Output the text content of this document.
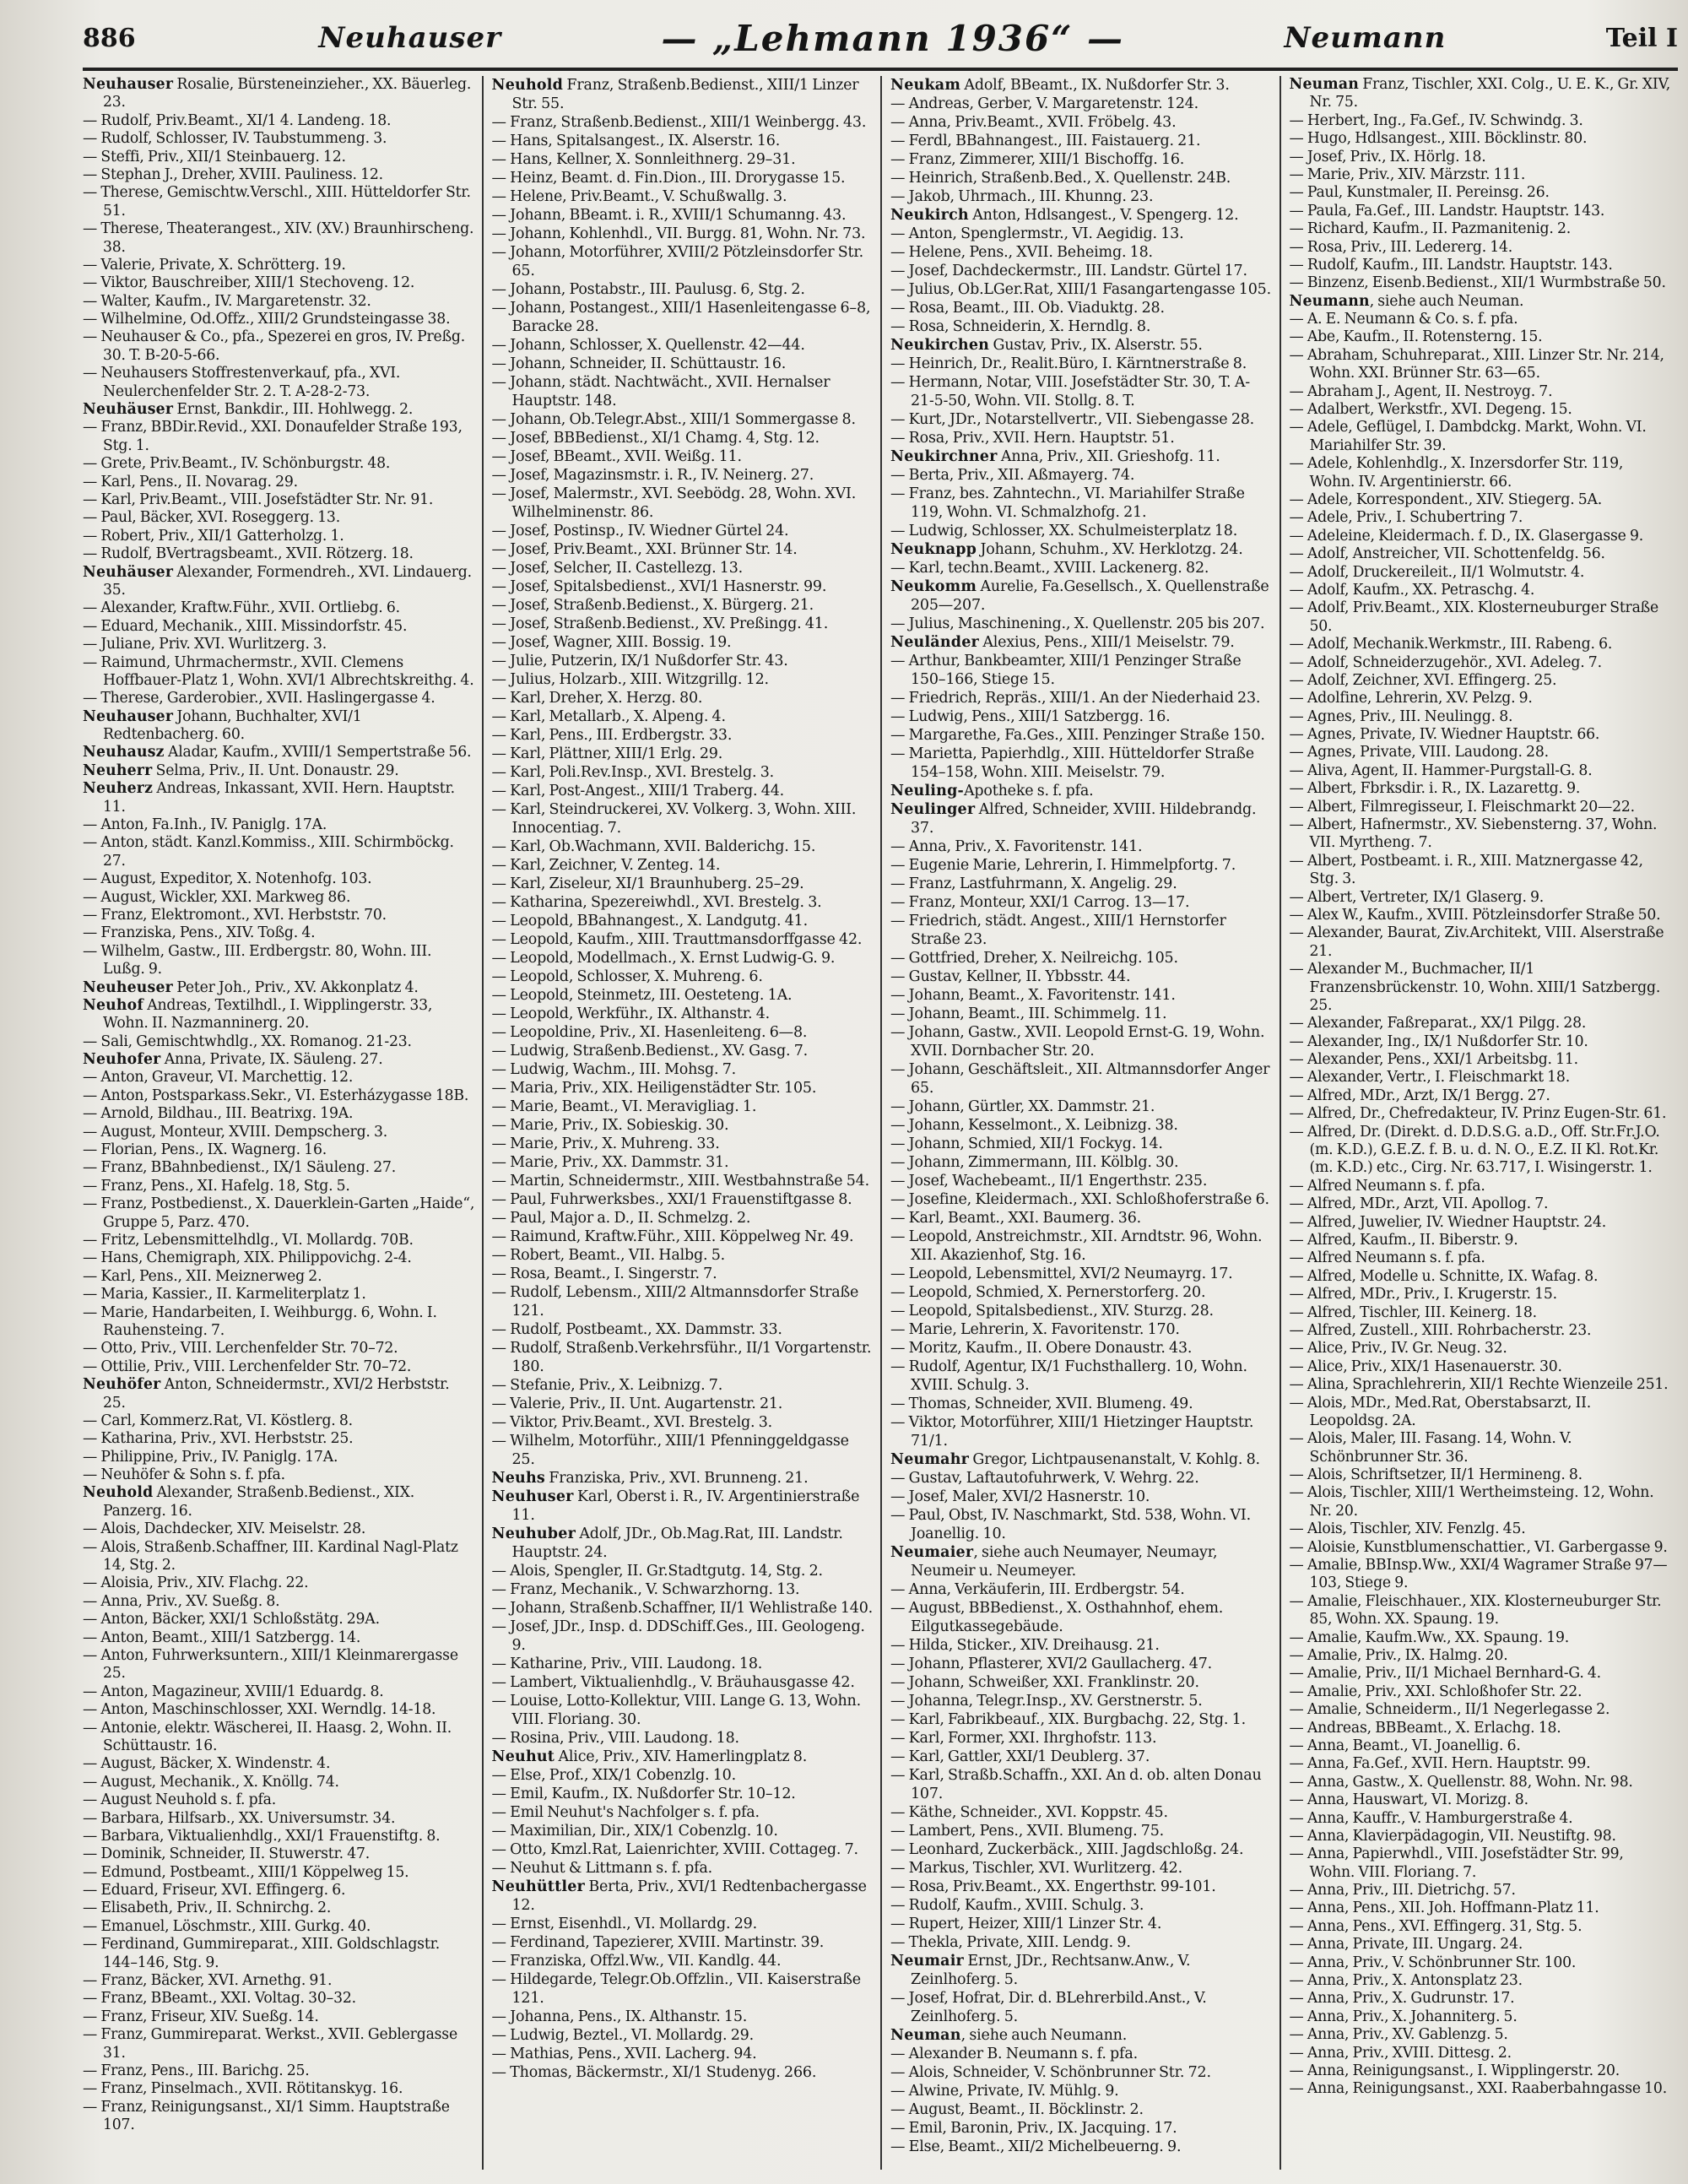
886	Neuhauser	— „Lehmann 1936“ —	Neumann	Teil I
Neuhauser Rosalie, Bürsteneinzieher., XX. Bäuerleg. 23.
— Rudolf, Priv.Beamt., XI/1 4. Landeng. 18.
— Rudolf, Schlosser, IV. Taubstummeng. 3.
— Steffi, Priv., XII/1 Steinbauerg. 12.
— Stephan J., Dreher, XVIII. Pauliness. 12.
— Therese, Gemischtw.Verschl., XIII. Hütteldorfer Str. 51.
— Therese, Theaterangest., XIV. (XV.) Braunhirscheng. 38.
— Valerie, Private, X. Schrötterg. 19.
— Viktor, Bauschreiber, XIII/1 Stechoveng. 12.
— Walter, Kaufm., IV. Margaretenstr. 32.
— Wilhelmine, Od.Offz., XIII/2 Grundsteingasse 38.
— Neuhauser & Co., pfa., Spezerei en gros, IV. Preßg. 30. T. B-20-5-66.
— Neuhausers Stoffrestenverkauf, pfa., XVI. Neulerchenfelder Str. 2. T. A-28-2-73.
Neuhäuser Ernst, Bankdir., III. Hohlwegg. 2.
— Franz, BBDir.Revid., XXI. Donaufelder Straße 193, Stg. 1.
— Grete, Priv.Beamt., IV. Schönburgstr. 48.
— Karl, Pens., II. Novarag. 29.
— Karl, Priv.Beamt., VIII. Josefstädter Str. Nr. 91.
— Paul, Bäcker, XVI. Roseggerg. 13.
— Robert, Priv., XII/1 Gatterholzg. 1.
— Rudolf, BVertragsbeamt., XVII. Rötzerg. 18.
Neuhäuser Alexander, Formendreh., XVI. Lindauerg. 35.
— Alexander, Kraftw.Führ., XVII. Ortliebg. 6.
— Eduard, Mechanik., XIII. Missindorfstr. 45.
— Juliane, Priv. XVI. Wurlitzerg. 3.
— Raimund, Uhrmachermstr., XVII. Clemens Hoffbauer-Platz 1, Wohn. XVI/1 Albrechtskreithg. 4.
— Therese, Garderobier., XVII. Haslingergasse 4.
Neuhauser Johann, Buchhalter, XVI/1 Redtenbacherg. 60.
Neuhausz Aladar, Kaufm., XVIII/1 Sempertstraße 56.
Neuherr Selma, Priv., II. Unt. Donaustr. 29.
Neuherz Andreas, Inkassant, XVII. Hern. Hauptstr. 11.
— Anton, Fa.Inh., IV. Paniglg. 17A.
— Anton, städt. Kanzl.Kommiss., XIII. Schirmböckg. 27.
— August, Expeditor, X. Notenhofg. 103.
— August, Wickler, XXI. Markweg 86.
— Franz, Elektromont., XVI. Herbststr. 70.
— Franziska, Pens., XIV. Toßg. 4.
— Wilhelm, Gastw., III. Erdbergstr. 80, Wohn. III. Lußg. 9.
Neuheuser Peter Joh., Priv., XV. Akkonplatz 4.
Neuhof Andreas, Textilhdl., I. Wipplingerstr. 33, Wohn. II. Nazmanninerg. 20.
— Sali, Gemischtwhdlg., XX. Romanog. 21-23.
Neuhofer Anna, Private, IX. Säuleng. 27.
— Anton, Graveur, VI. Marchettig. 12.
— Anton, Postsparkass.Sekr., VI. Esterházygasse 18B.
— Arnold, Bildhau., III. Beatrixg. 19A.
— August, Monteur, XVIII. Dempscherg. 3.
— Florian, Pens., IX. Wagnerg. 16.
— Franz, BBahnbedienst., IX/1 Säuleng. 27.
— Franz, Pens., XI. Hafelg. 18, Stg. 5.
— Franz, Postbedienst., X. Dauerklein-Garten „Haide“, Gruppe 5, Parz. 470.
— Fritz, Lebensmittelhdlg., VI. Mollardg. 70B.
— Hans, Chemigraph, XIX. Philippovichg. 2-4.
— Karl, Pens., XII. Meiznerweg 2.
— Maria, Kassier., II. Karmeliterplatz 1.
— Marie, Handarbeiten, I. Weihburgg. 6, Wohn. I. Rauhensteing. 7.
— Otto, Priv., VIII. Lerchenfelder Str. 70–72.
— Ottilie, Priv., VIII. Lerchenfelder Str. 70–72.
Neuhöfer Anton, Schneidermstr., XVI/2 Herbststr. 25.
— Carl, Kommerz.Rat, VI. Köstlerg. 8.
— Katharina, Priv., XVI. Herbststr. 25.
— Philippine, Priv., IV. Paniglg. 17A.
— Neuhöfer & Sohn s. f. pfa.
Neuhold Alexander, Straßenb.Bedienst., XIX. Panzerg. 16.
— Alois, Dachdecker, XIV. Meiselstr. 28.
— Alois, Straßenb.Schaffner, III. Kardinal Nagl-Platz 14, Stg. 2.
— Aloisia, Priv., XIV. Flachg. 22.
— Anna, Priv., XV. Sueßg. 8.
— Anton, Bäcker, XXI/1 Schloßstätg. 29A.
— Anton, Beamt., XIII/1 Satzbergg. 14.
— Anton, Fuhrwerksuntern., XIII/1 Kleinmarergasse 25.
— Anton, Magazineur, XVIII/1 Eduardg. 8.
— Anton, Maschinschlosser, XXI. Werndlg. 14-18.
— Antonie, elektr. Wäscherei, II. Haasg. 2, Wohn. II. Schüttaustr. 16.
— August, Bäcker, X. Windenstr. 4.
— August, Mechanik., X. Knöllg. 74.
— August Neuhold s. f. pfa.
— Barbara, Hilfsarb., XX. Universumstr. 34.
— Barbara, Viktualienhdlg., XXI/1 Frauenstiftg. 8.
— Dominik, Schneider, II. Stuwerstr. 47.
— Edmund, Postbeamt., XIII/1 Köppelweg 15.
— Eduard, Friseur, XVI. Effingerg. 6.
— Elisabeth, Priv., II. Schnirchg. 2.
— Emanuel, Löschmstr., XIII. Gurkg. 40.
— Ferdinand, Gummireparat., XIII. Goldschlagstr. 144–146, Stg. 9.
— Franz, Bäcker, XVI. Arnethg. 91.
— Franz, BBeamt., XXI. Voltag. 30–32.
— Franz, Friseur, XIV. Sueßg. 14.
— Franz, Gummireparat. Werkst., XVII. Geblergasse 31.
— Franz, Pens., III. Barichg. 25.
— Franz, Pinselmach., XVII. Rötitanskyg. 16.
— Franz, Reinigungsanst., XI/1 Simm. Hauptstraße 107.
Neuhold Franz, Straßenb.Bedienst., XIII/1 Linzer Str. 55.
— Franz, Straßenb.Bedienst., XIII/1 Weinbergg. 43.
— Hans, Spitalsangest., IX. Alserstr. 16.
— Hans, Kellner, X. Sonnleithnerg. 29–31.
— Heinz, Beamt. d. Fin.Dion., III. Drorygasse 15.
— Helene, Priv.Beamt., V. Schußwallg. 3.
— Johann, BBeamt. i. R., XVIII/1 Schumanng. 43.
— Johann, Kohlenhdl., VII. Burgg. 81, Wohn. Nr. 73.
— Johann, Motorführer, XVIII/2 Pötzleinsdorfer Str. 65.
— Johann, Postabstr., III. Paulusg. 6, Stg. 2.
— Johann, Postangest., XIII/1 Hasenleitengasse 6–8, Baracke 28.
— Johann, Schlosser, X. Quellenstr. 42—44.
— Johann, Schneider, II. Schüttaustr. 16.
— Johann, städt. Nachtwächt., XVII. Hernalser Hauptstr. 148.
— Johann, Ob.Telegr.Abst., XIII/1 Sommergasse 8.
— Josef, BBBedienst., XI/1 Chamg. 4, Stg. 12.
— Josef, BBeamt., XVII. Weißg. 11.
— Josef, Magazinsmstr. i. R., IV. Neinerg. 27.
— Josef, Malermstr., XVI. Seebödg. 28, Wohn. XVI. Wilhelminenstr. 86.
— Josef, Postinsp., IV. Wiedner Gürtel 24.
— Josef, Priv.Beamt., XXI. Brünner Str. 14.
— Josef, Selcher, II. Castellezg. 13.
— Josef, Spitalsbedienst., XVI/1 Hasnerstr. 99.
— Josef, Straßenb.Bedienst., X. Bürgerg. 21.
— Josef, Straßenb.Bedienst., XV. Preßingg. 41.
— Josef, Wagner, XIII. Bossig. 19.
— Julie, Putzerin, IX/1 Nußdorfer Str. 43.
— Julius, Holzarb., XIII. Witzgrillg. 12.
— Karl, Dreher, X. Herzg. 80.
— Karl, Metallarb., X. Alpeng. 4.
— Karl, Pens., III. Erdbergstr. 33.
— Karl, Plättner, XIII/1 Erlg. 29.
— Karl, Poli.Rev.Insp., XVI. Brestelg. 3.
— Karl, Post-Angest., XIII/1 Traberg. 44.
— Karl, Steindruckerei, XV. Volkerg. 3, Wohn. XIII. Innocentiag. 7.
— Karl, Ob.Wachmann, XVII. Balderichg. 15.
— Karl, Zeichner, V. Zenteg. 14.
— Karl, Ziseleur, XI/1 Braunhuberg. 25–29.
— Katharina, Spezereiwhdl., XVI. Brestelg. 3.
— Leopold, BBahnangest., X. Landgutg. 41.
— Leopold, Kaufm., XIII. Trauttmansdorffgasse 42.
— Leopold, Modellmach., X. Ernst Ludwig-G. 9.
— Leopold, Schlosser, X. Muhreng. 6.
— Leopold, Steinmetz, III. Oesteteng. 1A.
— Leopold, Werkführ., IX. Althanstr. 4.
— Leopoldine, Priv., XI. Hasenleiteng. 6—8.
— Ludwig, Straßenb.Bedienst., XV. Gasg. 7.
— Ludwig, Wachm., III. Mohsg. 7.
— Maria, Priv., XIX. Heiligenstädter Str. 105.
— Marie, Beamt., VI. Meravigliag. 1.
— Marie, Priv., IX. Sobieskig. 30.
— Marie, Priv., X. Muhreng. 33.
— Marie, Priv., XX. Dammstr. 31.
— Martin, Schneidermstr., XIII. Westbahnstraße 54.
— Paul, Fuhrwerksbes., XXI/1 Frauenstiftgasse 8.
— Paul, Major a. D., II. Schmelzg. 2.
— Raimund, Kraftw.Führ., XIII. Köppelweg Nr. 49.
— Robert, Beamt., VII. Halbg. 5.
— Rosa, Beamt., I. Singerstr. 7.
— Rudolf, Lebensm., XIII/2 Altmannsdorfer Straße 121.
— Rudolf, Postbeamt., XX. Dammstr. 33.
— Rudolf, Straßenb.Verkehrsführ., II/1 Vorgartenstr. 180.
— Stefanie, Priv., X. Leibnizg. 7.
— Valerie, Priv., II. Unt. Augartenstr. 21.
— Viktor, Priv.Beamt., XVI. Brestelg. 3.
— Wilhelm, Motorführ., XIII/1 Pfenninggeldgasse 25.
Neuhs Franziska, Priv., XVI. Brunneng. 21.
Neuhuser Karl, Oberst i. R., IV. Argentinierstraße 11.
Neuhuber Adolf, JDr., Ob.Mag.Rat, III. Landstr. Hauptstr. 24.
— Alois, Spengler, II. Gr.Stadtgutg. 14, Stg. 2.
— Franz, Mechanik., V. Schwarzhorng. 13.
— Johann, Straßenb.Schaffner, II/1 Wehlistraße 140.
— Josef, JDr., Insp. d. DDSchiff.Ges., III. Geologeng. 9.
— Katharine, Priv., VIII. Laudong. 18.
— Lambert, Viktualienhdlg., V. Bräuhausgasse 42.
— Louise, Lotto-Kollektur, VIII. Lange G. 13, Wohn. VIII. Floriang. 30.
— Rosina, Priv., VIII. Laudong. 18.
Neuhut Alice, Priv., XIV. Hamerlingplatz 8.
— Else, Prof., XIX/1 Cobenzlg. 10.
— Emil, Kaufm., IX. Nußdorfer Str. 10–12.
— Emil Neuhut's Nachfolger s. f. pfa.
— Maximilian, Dir., XIX/1 Cobenzlg. 10.
— Otto, Kmzl.Rat, Laienrichter, XVIII. Cottageg. 7.
— Neuhut & Littmann s. f. pfa.
Neuhüttler Berta, Priv., XVI/1 Redtenbachergasse 12.
— Ernst, Eisenhdl., VI. Mollardg. 29.
— Ferdinand, Tapezierer, XVIII. Martinstr. 39.
— Franziska, Offzl.Ww., VII. Kandlg. 44.
— Hildegarde, Telegr.Ob.Offzlin., VII. Kaiserstraße 121.
— Johanna, Pens., IX. Althanstr. 15.
— Ludwig, Beztel., VI. Mollardg. 29.
— Mathias, Pens., XVII. Lacherg. 94.
— Thomas, Bäckermstr., XI/1 Studenyg. 266.
Neukam Adolf, BBeamt., IX. Nußdorfer Str. 3.
— Andreas, Gerber, V. Margaretenstr. 124.
— Anna, Priv.Beamt., XVII. Fröbelg. 43.
— Ferdl, BBahnangest., III. Faistauerg. 21.
— Franz, Zimmerer, XIII/1 Bischoffg. 16.
— Heinrich, Straßenb.Bed., X. Quellenstr. 24B.
— Jakob, Uhrmach., III. Khunng. 23.
Neukirch Anton, Hdlsangest., V. Spengerg. 12.
— Anton, Spenglermstr., VI. Aegidig. 13.
— Helene, Pens., XVII. Beheimg. 18.
— Josef, Dachdeckermstr., III. Landstr. Gürtel 17.
— Julius, Ob.LGer.Rat, XIII/1 Fasangartengasse 105.
— Rosa, Beamt., III. Ob. Viaduktg. 28.
— Rosa, Schneiderin, X. Herndlg. 8.
Neukirchen Gustav, Priv., IX. Alserstr. 55.
— Heinrich, Dr., Realit.Büro, I. Kärntnerstraße 8.
— Hermann, Notar, VIII. Josefstädter Str. 30, T. A-21-5-50, Wohn. VII. Stollg. 8. T.
— Kurt, JDr., Notarstellvertr., VII. Siebengasse 28.
— Rosa, Priv., XVII. Hern. Hauptstr. 51.
Neukirchner Anna, Priv., XII. Grieshofg. 11.
— Berta, Priv., XII. Aßmayerg. 74.
— Franz, bes. Zahntechn., VI. Mariahilfer Straße 119, Wohn. VI. Schmalzhofg. 21.
— Ludwig, Schlosser, XX. Schulmeisterplatz 18.
Neuknapp Johann, Schuhm., XV. Herklotzg. 24.
— Karl, techn.Beamt., XVIII. Lackenerg. 82.
Neukomm Aurelie, Fa.Gesellsch., X. Quellenstraße 205—207.
— Julius, Maschinening., X. Quellenstr. 205 bis 207.
Neuländer Alexius, Pens., XIII/1 Meiselstr. 79.
— Arthur, Bankbeamter, XIII/1 Penzinger Straße 150–166, Stiege 15.
— Friedrich, Repräs., XIII/1. An der Niederhaid 23.
— Ludwig, Pens., XIII/1 Satzbergg. 16.
— Margarethe, Fa.Ges., XIII. Penzinger Straße 150.
— Marietta, Papierhdlg., XIII. Hütteldorfer Straße 154–158, Wohn. XIII. Meiselstr. 79.
Neuling-Apotheke s. f. pfa.
Neulinger Alfred, Schneider, XVIII. Hildebrandg. 37.
— Anna, Priv., X. Favoritenstr. 141.
— Eugenie Marie, Lehrerin, I. Himmelpfortg. 7.
— Franz, Lastfuhrmann, X. Angelig. 29.
— Franz, Monteur, XXI/1 Carrog. 13—17.
— Friedrich, städt. Angest., XIII/1 Hernstorfer Straße 23.
— Gottfried, Dreher, X. Neilreichg. 105.
— Gustav, Kellner, II. Ybbsstr. 44.
— Johann, Beamt., X. Favoritenstr. 141.
— Johann, Beamt., III. Schimmelg. 11.
— Johann, Gastw., XVII. Leopold Ernst-G. 19, Wohn. XVII. Dornbacher Str. 20.
— Johann, Geschäftsleit., XII. Altmannsdorfer Anger 65.
— Johann, Gürtler, XX. Dammstr. 21.
— Johann, Kesselmont., X. Leibnizg. 38.
— Johann, Schmied, XII/1 Fockyg. 14.
— Johann, Zimmermann, III. Kölblg. 30.
— Josef, Wachebeamt., II/1 Engerthstr. 235.
— Josefine, Kleidermach., XXI. Schloßhoferstraße 6.
— Karl, Beamt., XXI. Baumerg. 36.
— Leopold, Anstreichmstr., XII. Arndtstr. 96, Wohn. XII. Akazienhof, Stg. 16.
— Leopold, Lebensmittel, XVI/2 Neumayrg. 17.
— Leopold, Schmied, X. Pernerstorferg. 20.
— Leopold, Spitalsbedienst., XIV. Sturzg. 28.
— Marie, Lehrerin, X. Favoritenstr. 170.
— Moritz, Kaufm., II. Obere Donaustr. 43.
— Rudolf, Agentur, IX/1 Fuchsthallerg. 10, Wohn. XVIII. Schulg. 3.
— Thomas, Schneider, XVII. Blumeng. 49.
— Viktor, Motorführer, XIII/1 Hietzinger Hauptstr. 71/1.
Neumahr Gregor, Lichtpausenanstalt, V. Kohlg. 8.
— Gustav, Laftautofuhrwerk, V. Wehrg. 22.
— Josef, Maler, XVI/2 Hasnerstr. 10.
— Paul, Obst, IV. Naschmarkt, Std. 538, Wohn. VI. Joanellig. 10.
Neumaier, siehe auch Neumayer, Neumayr, Neumeir u. Neumeyer.
— Anna, Verkäuferin, III. Erdbergstr. 54.
— August, BBBedienst., X. Osthahnhof, ehem. Eilgutkassegebäude.
— Hilda, Sticker., XIV. Dreihausg. 21.
— Johann, Pflasterer, XVI/2 Gaullacherg. 47.
— Johann, Schweißer, XXI. Franklinstr. 20.
— Johanna, Telegr.Insp., XV. Gerstnerstr. 5.
— Karl, Fabrikbeauf., XIX. Burgbachg. 22, Stg. 1.
— Karl, Former, XXI. Ihrghofstr. 113.
— Karl, Gattler, XXI/1 Deublerg. 37.
— Karl, Straßb.Schaffn., XXI. An d. ob. alten Donau 107.
— Käthe, Schneider., XVI. Koppstr. 45.
— Lambert, Pens., XVII. Blumeng. 75.
— Leonhard, Zuckerbäck., XIII. Jagdschloßg. 24.
— Markus, Tischler, XVI. Wurlitzerg. 42.
— Rosa, Priv.Beamt., XX. Engerthstr. 99-101.
— Rudolf, Kaufm., XVIII. Schulg. 3.
— Rupert, Heizer, XIII/1 Linzer Str. 4.
— Thekla, Private, XIII. Lendg. 9.
Neumair Ernst, JDr., Rechtsanw.Anw., V. Zeinlhoferg. 5.
— Josef, Hofrat, Dir. d. BLehrerbild.Anst., V. Zeinlhoferg. 5.
Neuman, siehe auch Neumann.
— Alexander B. Neumann s. f. pfa.
— Alois, Schneider, V. Schönbrunner Str. 72.
— Alwine, Private, IV. Mühlg. 9.
— August, Beamt., II. Böcklinstr. 2.
— Emil, Baronin, Priv., IX. Jacquing. 17.
— Else, Beamt., XII/2 Michelbeuerng. 9.
Neuman Franz, Tischler, XXI. Colg., U. E. K., Gr. XIV, Nr. 75.
— Herbert, Ing., Fa.Gef., IV. Schwindg. 3.
— Hugo, Hdlsangest., XIII. Böcklinstr. 80.
— Josef, Priv., IX. Hörlg. 18.
— Marie, Priv., XIV. Märzstr. 111.
— Paul, Kunstmaler, II. Pereinsg. 26.
— Paula, Fa.Gef., III. Landstr. Hauptstr. 143.
— Richard, Kaufm., II. Pazmanitenig. 2.
— Rosa, Priv., III. Ledererg. 14.
— Rudolf, Kaufm., III. Landstr. Hauptstr. 143.
— Binzenz, Eisenb.Bedienst., XII/1 Wurmbstraße 50.
Neumann, siehe auch Neuman.
— A. E. Neumann & Co. s. f. pfa.
— Abe, Kaufm., II. Rotensterng. 15.
— Abraham, Schuhreparat., XIII. Linzer Str. Nr. 214, Wohn. XXI. Brünner Str. 63—65.
— Abraham J., Agent, II. Nestroyg. 7.
— Adalbert, Werkstfr., XVI. Degeng. 15.
— Adele, Geflügel, I. Dambdckg. Markt, Wohn. VI. Mariahilfer Str. 39.
— Adele, Kohlenhdlg., X. Inzersdorfer Str. 119, Wohn. IV. Argentinierstr. 66.
— Adele, Korrespondent., XIV. Stiegerg. 5A.
— Adele, Priv., I. Schubertring 7.
— Adeleine, Kleidermach. f. D., IX. Glasergasse 9.
— Adolf, Anstreicher, VII. Schottenfeldg. 56.
— Adolf, Druckereileit., II/1 Wolmutstr. 4.
— Adolf, Kaufm., XX. Petraschg. 4.
— Adolf, Priv.Beamt., XIX. Klosterneuburger Straße 50.
— Adolf, Mechanik.Werkmstr., III. Rabeng. 6.
— Adolf, Schneiderzugehör., XVI. Adeleg. 7.
— Adolf, Zeichner, XVI. Effingerg. 25.
— Adolfine, Lehrerin, XV. Pelzg. 9.
— Agnes, Priv., III. Neulingg. 8.
— Agnes, Private, IV. Wiedner Hauptstr. 66.
— Agnes, Private, VIII. Laudong. 28.
— Aliva, Agent, II. Hammer-Purgstall-G. 8.
— Albert, Fbrksdir. i. R., IX. Lazarettg. 9.
— Albert, Filmregisseur, I. Fleischmarkt 20—22.
— Albert, Hafnermstr., XV. Siebensterng. 37, Wohn. VII. Myrtheng. 7.
— Albert, Postbeamt. i. R., XIII. Matznergasse 42, Stg. 3.
— Albert, Vertreter, IX/1 Glaserg. 9.
— Alex W., Kaufm., XVIII. Pötzleinsdorfer Straße 50.
— Alexander, Baurat, Ziv.Architekt, VIII. Alserstraße 21.
— Alexander M., Buchmacher, II/1 Franzensbrückenstr. 10, Wohn. XIII/1 Satzbergg. 25.
— Alexander, Faßreparat., XX/1 Pilgg. 28.
— Alexander, Ing., IX/1 Nußdorfer Str. 10.
— Alexander, Pens., XXI/1 Arbeitsbg. 11.
— Alexander, Vertr., I. Fleischmarkt 18.
— Alfred, MDr., Arzt, IX/1 Bergg. 27.
— Alfred, Dr., Chefredakteur, IV. Prinz Eugen-Str. 61.
— Alfred, Dr. (Direkt. d. D.D.S.G. a.D., Off. Str.Fr.J.O. (m. K.D.), G.E.Z. f. B. u. d. N. O., E.Z. II Kl. Rot.Kr. (m. K.D.) etc., Cirg. Nr. 63.717, I. Wisingerstr. 1.
— Alfred Neumann s. f. pfa.
— Alfred, MDr., Arzt, VII. Apollog. 7.
— Alfred, Juwelier, IV. Wiedner Hauptstr. 24.
— Alfred, Kaufm., II. Biberstr. 9.
— Alfred Neumann s. f. pfa.
— Alfred, Modelle u. Schnitte, IX. Wafag. 8.
— Alfred, MDr., Priv., I. Krugerstr. 15.
— Alfred, Tischler, III. Keinerg. 18.
— Alfred, Zustell., XIII. Rohrbacherstr. 23.
— Alice, Priv., IV. Gr. Neug. 32.
— Alice, Priv., XIX/1 Hasenauerstr. 30.
— Alina, Sprachlehrerin, XII/1 Rechte Wienzeile 251.
— Alois, MDr., Med.Rat, Oberstabsarzt, II. Leopoldsg. 2A.
— Alois, Maler, III. Fasang. 14, Wohn. V. Schönbrunner Str. 36.
— Alois, Schriftsetzer, II/1 Hermineng. 8.
— Alois, Tischler, XIII/1 Wertheimsteing. 12, Wohn. Nr. 20.
— Alois, Tischler, XIV. Fenzlg. 45.
— Aloisie, Kunstblumenschattier., VI. Garbergasse 9.
— Amalie, BBInsp.Ww., XXI/4 Wagramer Straße 97—103, Stiege 9.
— Amalie, Fleischhauer., XIX. Klosterneuburger Str. 85, Wohn. XX. Spaung. 19.
— Amalie, Kaufm.Ww., XX. Spaung. 19.
— Amalie, Priv., IX. Halmg. 20.
— Amalie, Priv., II/1 Michael Bernhard-G. 4.
— Amalie, Priv., XXI. Schloßhofer Str. 22.
— Amalie, Schneiderm., II/1 Negerlegasse 2.
— Andreas, BBBeamt., X. Erlachg. 18.
— Anna, Beamt., VI. Joanellig. 6.
— Anna, Fa.Gef., XVII. Hern. Hauptstr. 99.
— Anna, Gastw., X. Quellenstr. 88, Wohn. Nr. 98.
— Anna, Hauswart, VI. Morizg. 8.
— Anna, Kauffr., V. Hamburgerstraße 4.
— Anna, Klavierpädagogin, VII. Neustiftg. 98.
— Anna, Papierwhdl., VIII. Josefstädter Str. 99, Wohn. VIII. Floriang. 7.
— Anna, Priv., III. Dietrichg. 57.
— Anna, Pens., XII. Joh. Hoffmann-Platz 11.
— Anna, Pens., XVI. Effingerg. 31, Stg. 5.
— Anna, Private, III. Ungarg. 24.
— Anna, Priv., V. Schönbrunner Str. 100.
— Anna, Priv., X. Antonsplatz 23.
— Anna, Priv., X. Gudrunstr. 17.
— Anna, Priv., X. Johanniterg. 5.
— Anna, Priv., XV. Gablenzg. 5.
— Anna, Priv., XVIII. Dittesg. 2.
— Anna, Reinigungsanst., I. Wipplingerstr. 20.
— Anna, Reinigungsanst., XXI. Raaberbahngasse 10.
